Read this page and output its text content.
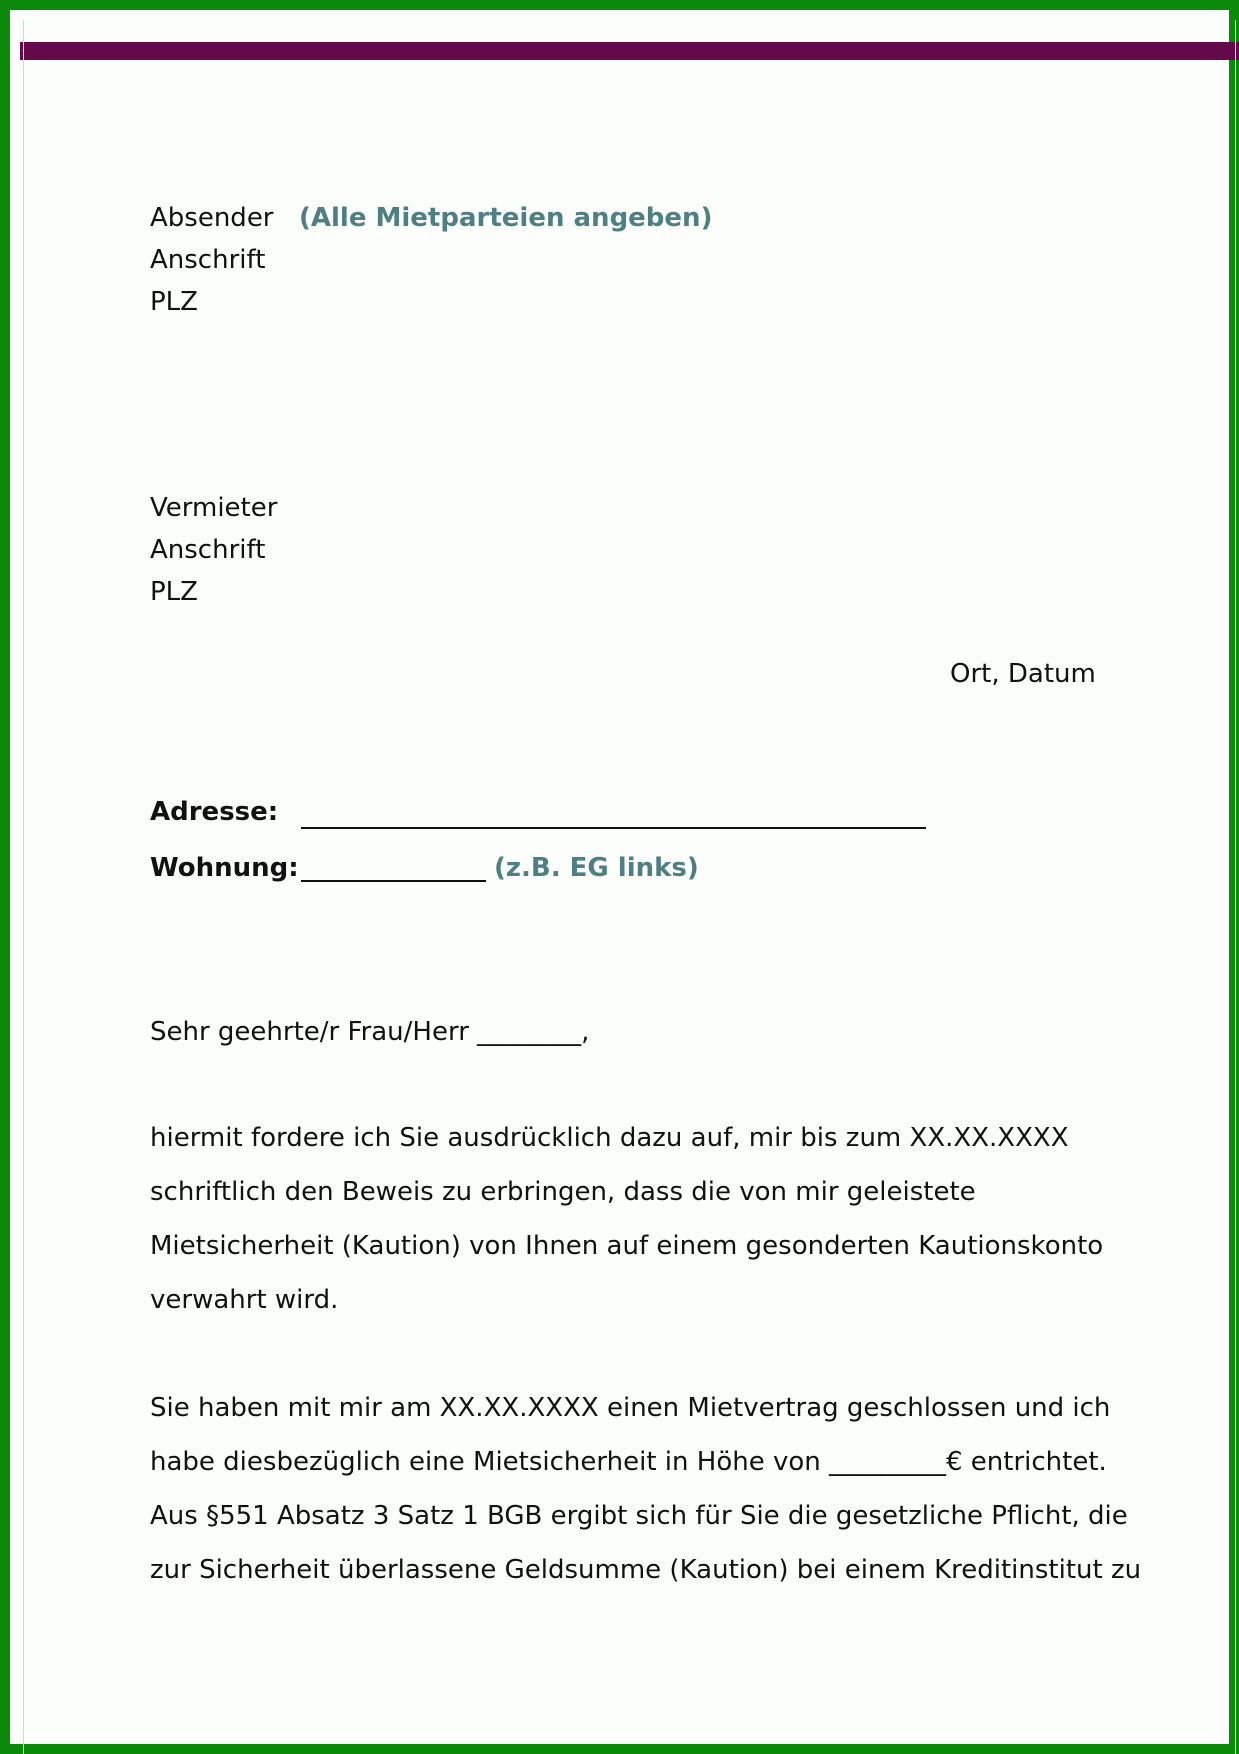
Absender (Alle Mietparteien angeben)
Anschrift
PLZ
Vermieter
Anschrift
PLZ
Ort, Datum
Adresse:
Wohnung:	(z.B. EG links)
Sehr geehrte/r Frau/Herr ________,
hiermit fordere ich Sie ausdrücklich dazu auf, mir bis zum XX.XX.XXXX
schriftlich den Beweis zu erbringen, dass die von mir geleistete
Mietsicherheit (Kaution) von Ihnen auf einem gesonderten Kautionskonto
verwahrt wird.
Sie haben mit mir am XX.XX.XXXX einen Mietvertrag geschlossen und ich
habe diesbezüglich eine Mietsicherheit in Höhe von _________€ entrichtet.
Aus §551 Absatz 3 Satz 1 BGB ergibt sich für Sie die gesetzliche Pflicht, die
zur Sicherheit überlassene Geldsumme (Kaution) bei einem Kreditinstitut zu
